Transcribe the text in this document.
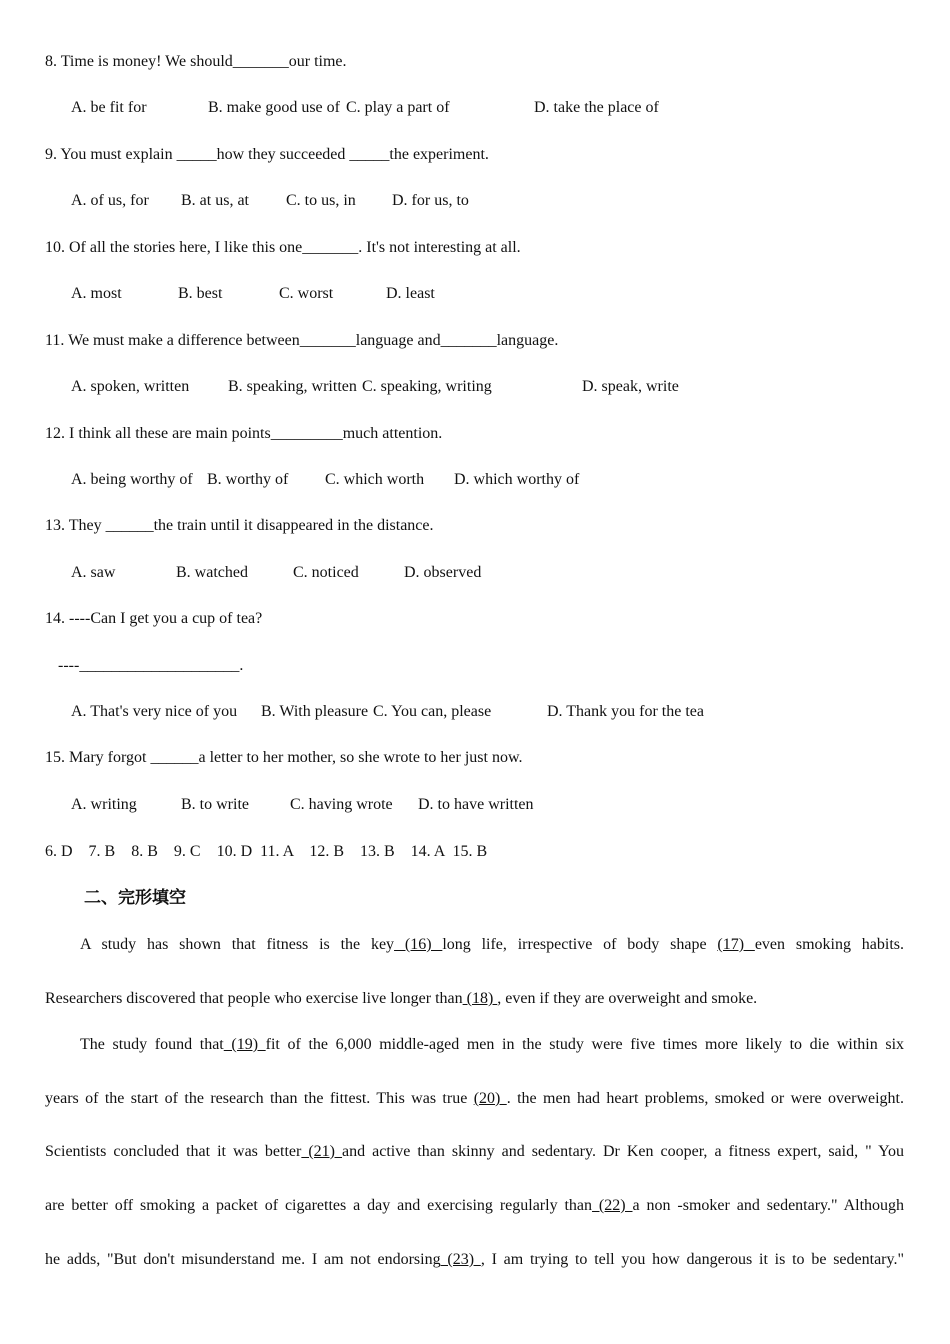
8. Time is money! We should_______our time.
A. be fit for	B. make good use of C. play a part of	D. take the place of
9. You must explain _____how they succeeded _____the experiment.
A. of us, for B. at us, at C. to us, in D. for us, to
10. Of all the stories here, I like this one_______. It's not interesting at all.
A. most	B. best	C. worst	D. least
11. We must make a difference between_______language and_______language.
A. spoken, written B. speaking, written C. speaking, writing	D. speak, write
12. I think all these are main points_________much attention.
A. being worthy of B. worthy of C. which worth D. which worthy of
13. They ______the train until it disappeared in the distance.
A. saw	B. watched	C. noticed	D. observed
14. ----Can I get you a cup of tea?
----____________________.
A. That's very nice of you B. With pleasure C. You can, please	D. Thank you for the tea
15. Mary forgot ______a letter to her mother, so she wrote to her just now.
A. writing	B. to write	C. having wrote D. to have written
6. D    7. B    8. B    9. C    10. D  11. A    12. B    13. B    14. A  15. B
二、完形填空
A study has shown that fitness is the key (16) long life, irrespective of body shape (17) even smoking habits.
Researchers discovered that people who exercise live longer than (18) , even if they are overweight and smoke.
The study found that (19) fit of the 6,000 middle-aged men in the study were five times more likely to die within six
years of the start of the research than the fittest. This was true (20) . the men had heart problems, smoked or were overweight.
Scientists concluded that it was better (21) and active than skinny and sedentary. Dr Ken cooper, a fitness expert, said, " You
are better off smoking a packet of cigarettes a day and exercising regularly than (22) a non -smoker and sedentary." Although
he adds, "But don't misunderstand me. I am not endorsing (23) , I am trying to tell you how dangerous it is to be sedentary."
